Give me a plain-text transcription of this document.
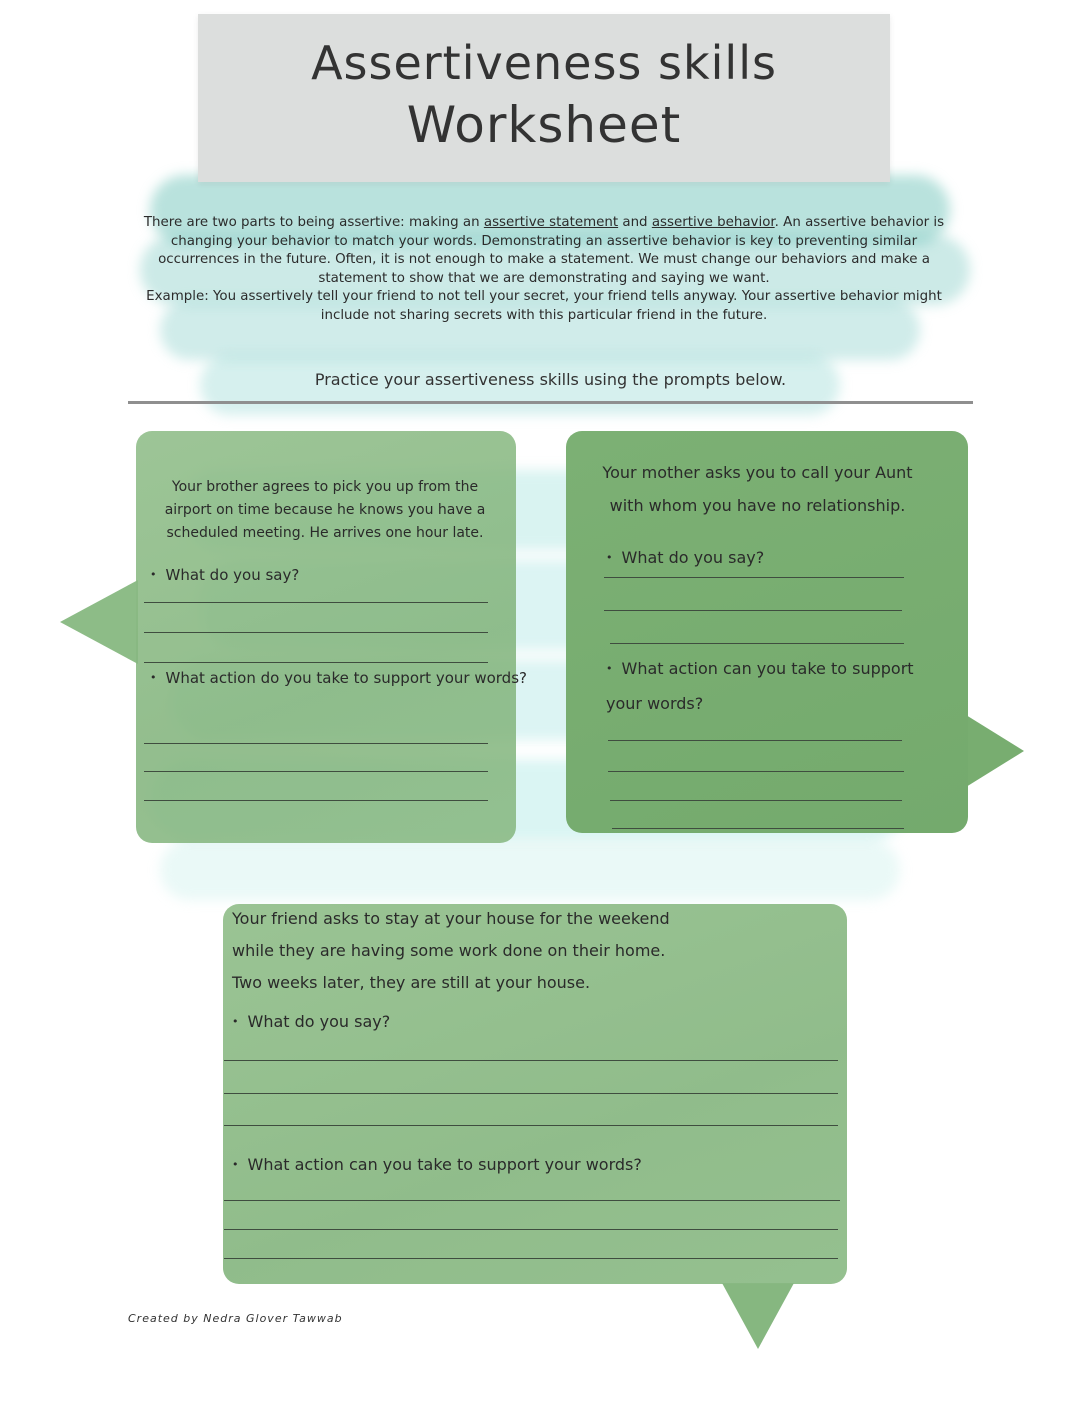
Assertiveness skills
Worksheet
There are two parts to being assertive: making an assertive statement and assertive behavior. An assertive behavior is changing your behavior to match your words. Demonstrating an assertive behavior is key to preventing similar occurrences in the future. Often, it is not enough to make a statement. We must change our behaviors and make a statement to show that we are demonstrating and saying we want.
Example: You assertively tell your friend to not tell your secret, your friend tells anyway. Your assertive behavior might include not sharing secrets with this particular friend in the future.
Practice your assertiveness skills using the prompts below.
Your brother agrees to pick you up from the airport on time because he knows you have a scheduled meeting. He arrives one hour late.
• What do you say?
• What action do you take to support your words?
Your mother asks you to call your Aunt with whom you have no relationship.
• What do you say?
• What action can you take to support your words?
Your friend asks to stay at your house for the weekend
while they are having some work done on their home.
Two weeks later, they are still at your house.
• What do you say?
• What action can you take to support your words?
Created by Nedra Glover Tawwab
